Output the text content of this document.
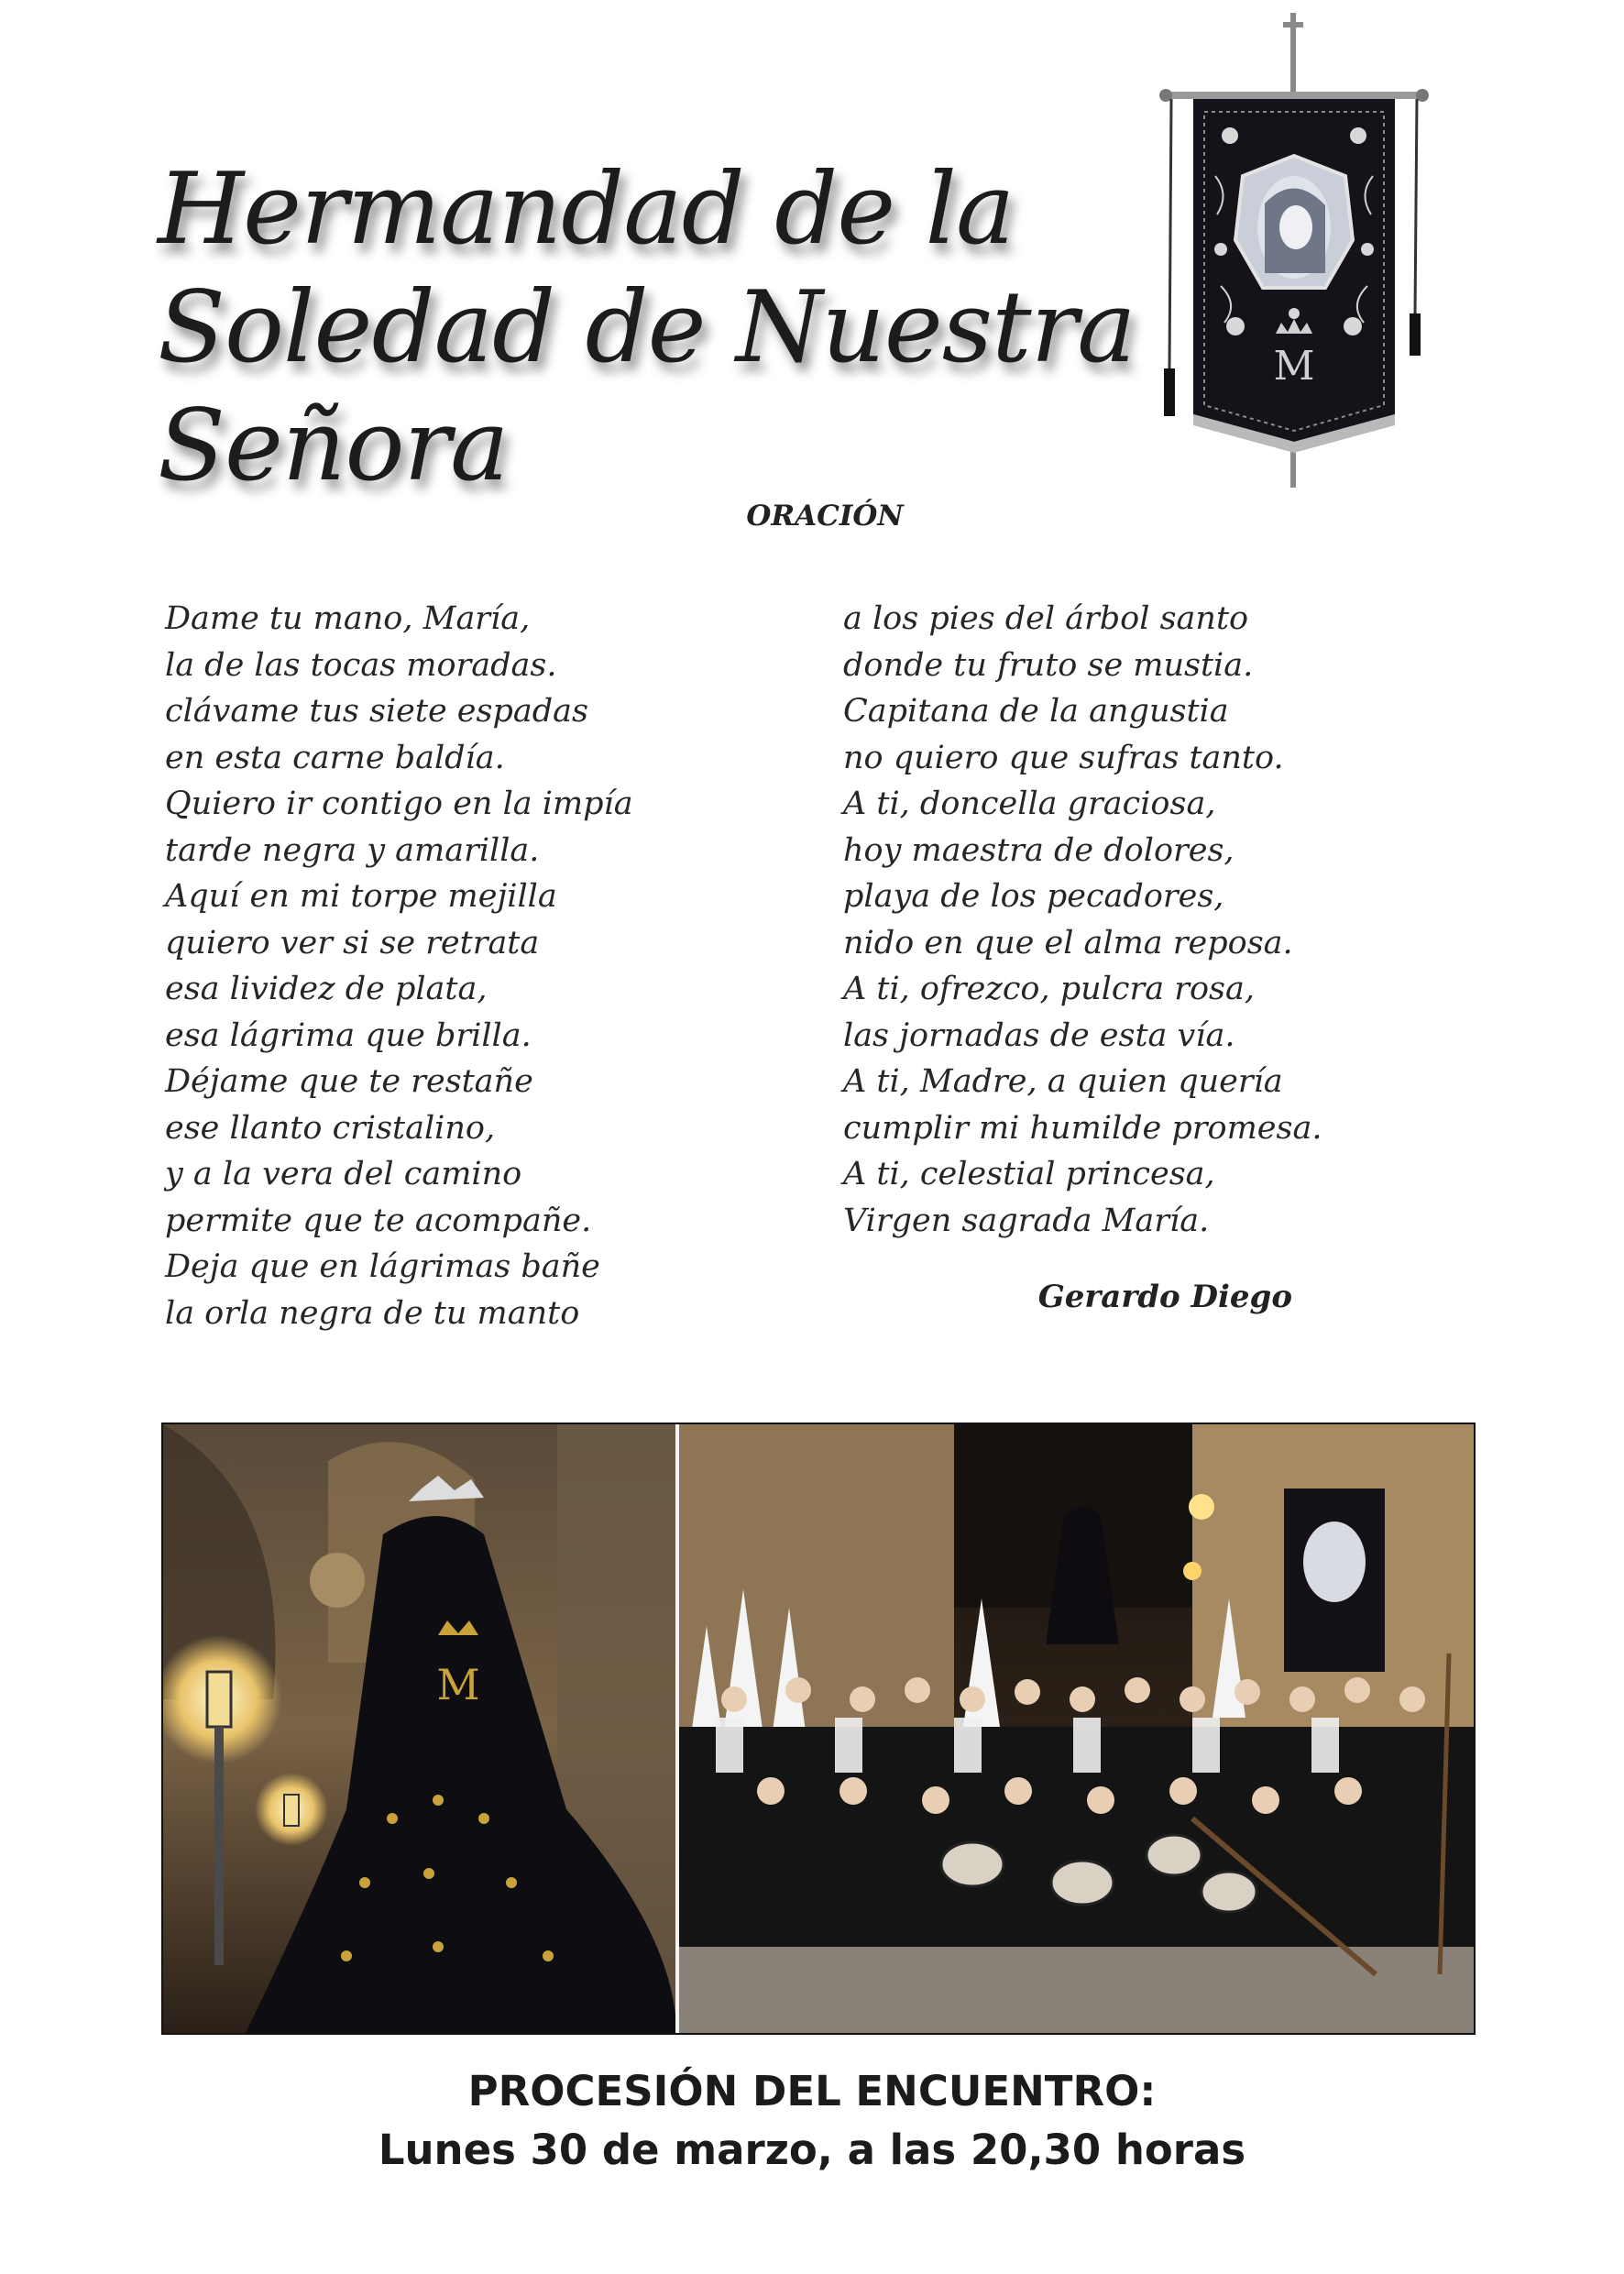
Hermandad de la
Soledad de Nuestra
Señora
M
ORACIÓN
Dame tu mano, María,
la de las tocas moradas.
clávame tus siete espadas
en esta carne baldía.
Quiero ir contigo en la impía
tarde negra y amarilla.
Aquí en mi torpe mejilla
quiero ver si se retrata
esa lividez de plata,
esa lágrima que brilla.
Déjame que te restañe
ese llanto cristalino,
y a la vera del camino
permite que te acompañe.
Deja que en lágrimas bañe
la orla negra de tu manto
a los pies del árbol santo
donde tu fruto se mustia.
Capitana de la angustia
no quiero que sufras tanto.
A ti, doncella graciosa,
hoy maestra de dolores,
playa de los pecadores,
nido en que el alma reposa.
A ti, ofrezco, pulcra rosa,
las jornadas de esta vía.
A ti, Madre, a quien quería
cumplir mi humilde promesa.
A ti, celestial princesa,
Virgen sagrada María.
Gerardo Diego
M
PROCESIÓN DEL ENCUENTRO:
Lunes 30 de marzo, a las 20,30 horas
